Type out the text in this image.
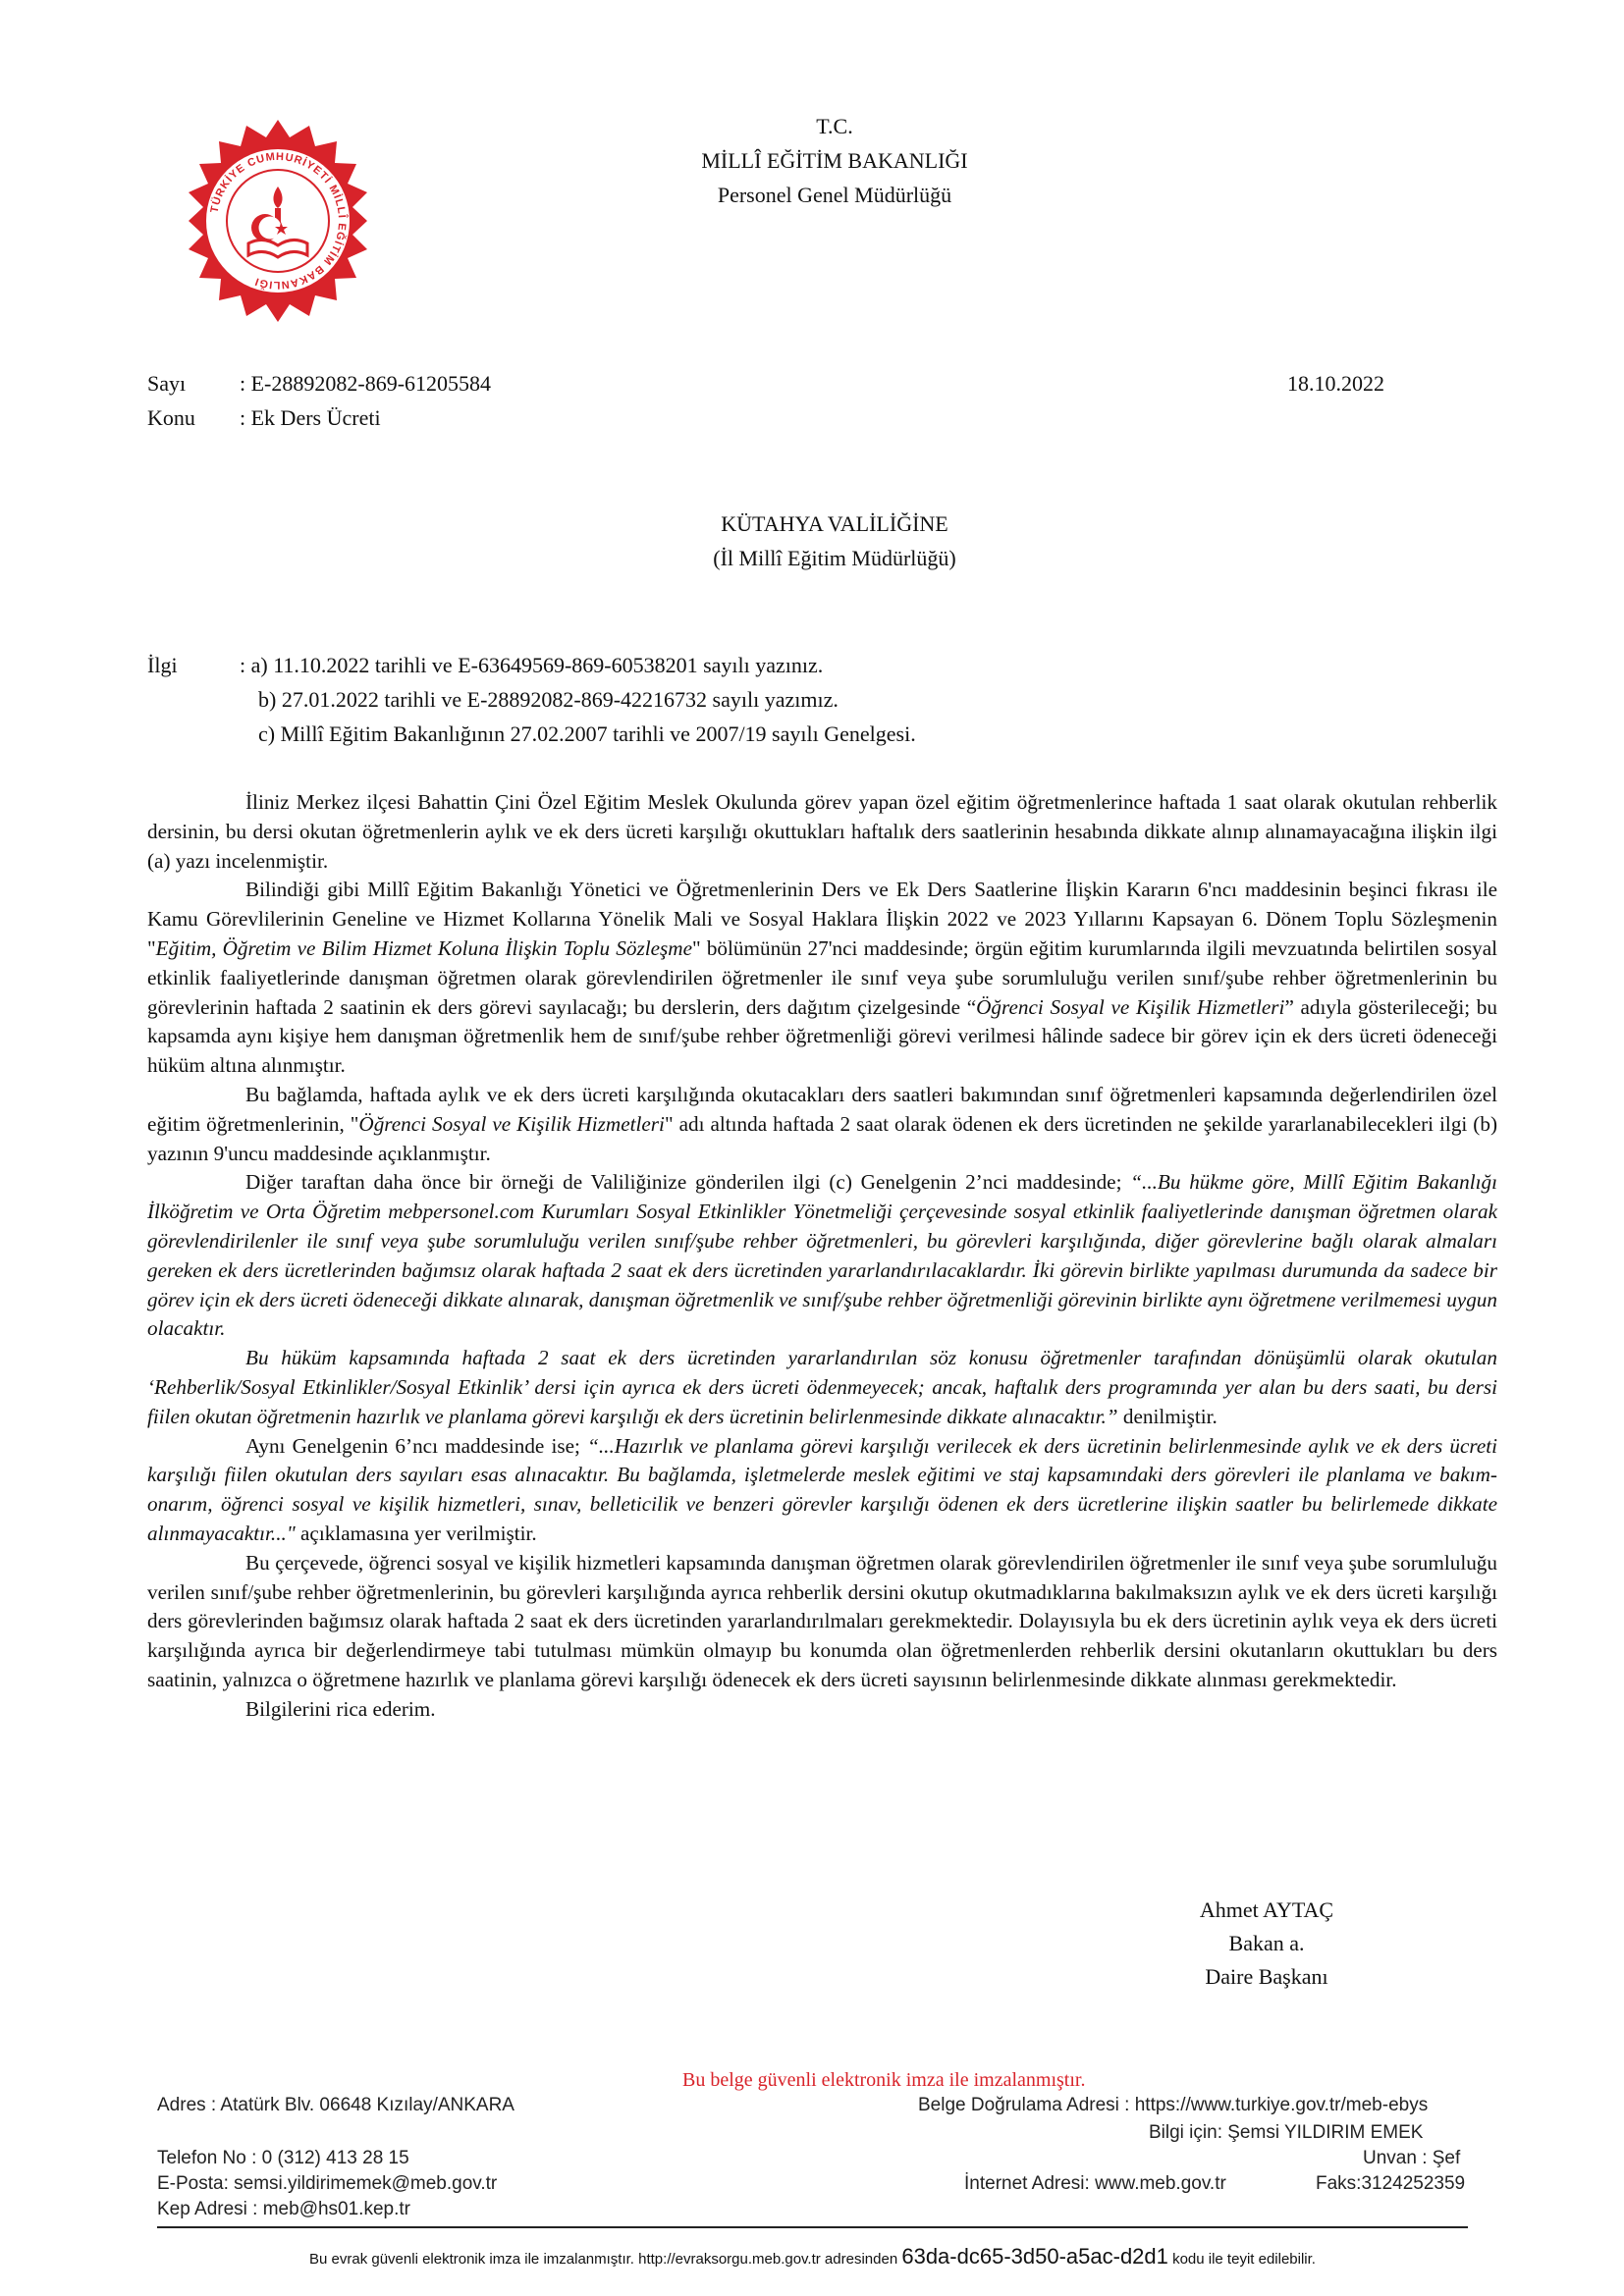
TÜRKİYE CUMHURİYETİ MİLLÎ EĞİTİM BAKANLIĞI
T.C.
MİLLÎ EĞİTİM BAKANLIĞI
Personel Genel Müdürlüğü
Sayı : E-28892082-869-61205584	18.10.2022
Konu : Ek Ders Ücreti
KÜTAHYA VALİLİĞİNE
(İl Millî Eğitim Müdürlüğü)
İlgi	: a) 11.10.2022 tarihli ve E-63649569-869-60538201 sayılı yazınız.
b) 27.01.2022 tarihli ve E-28892082-869-42216732 sayılı yazımız.
c) Millî Eğitim Bakanlığının 27.02.2007 tarihli ve 2007/19 sayılı Genelgesi.

İliniz Merkez ilçesi Bahattin Çini Özel Eğitim Meslek Okulunda görev yapan özel eğitim öğretmenlerince haftada 1 saat olarak okutulan rehberlik dersinin, bu dersi okutan öğretmenlerin aylık ve ek ders ücreti karşılığı okuttukları haftalık ders saatlerinin hesabında dikkate alınıp alınamayacağına ilişkin ilgi (a) yazı incelenmiştir.

Bilindiği gibi Millî Eğitim Bakanlığı Yönetici ve Öğretmenlerinin Ders ve Ek Ders Saatlerine İlişkin Kararın 6'ncı maddesinin beşinci fıkrası ile Kamu Görevlilerinin Geneline ve Hizmet Kollarına Yönelik Mali ve Sosyal Haklara İlişkin 2022 ve 2023 Yıllarını Kapsayan 6. Dönem Toplu Sözleşmenin "Eğitim, Öğretim ve Bilim Hizmet Koluna İlişkin Toplu Sözleşme" bölümünün 27'nci maddesinde; örgün eğitim kurumlarında ilgili mevzuatında belirtilen sosyal etkinlik faaliyetlerinde danışman öğretmen olarak görevlendirilen öğretmenler ile sınıf veya şube sorumluluğu verilen sınıf/şube rehber öğretmenlerinin bu görevlerinin haftada 2 saatinin ek ders görevi sayılacağı; bu derslerin, ders dağıtım çizelgesinde “Öğrenci Sosyal ve Kişilik Hizmetleri” adıyla gösterileceği; bu kapsamda aynı kişiye hem danışman öğretmenlik hem de sınıf/şube rehber öğretmenliği görevi verilmesi hâlinde sadece bir görev için ek ders ücreti ödeneceği hüküm altına alınmıştır.

Bu bağlamda, haftada aylık ve ek ders ücreti karşılığında okutacakları ders saatleri bakımından sınıf öğretmenleri kapsamında değerlendirilen özel eğitim öğretmenlerinin, "Öğrenci Sosyal ve Kişilik Hizmetleri" adı altında haftada 2 saat olarak ödenen ek ders ücretinden ne şekilde yararlanabilecekleri ilgi (b) yazının 9'uncu maddesinde açıklanmıştır.

Diğer taraftan daha önce bir örneği de Valiliğinize gönderilen ilgi (c) Genelgenin 2’nci maddesinde; “...Bu hükme göre, Millî Eğitim Bakanlığı İlköğretim ve Orta Öğretim mebpersonel.com Kurumları Sosyal Etkinlikler Yönetmeliği çerçevesinde sosyal etkinlik faaliyetlerinde danışman öğretmen olarak görevlendirilenler ile sınıf veya şube sorumluluğu verilen sınıf/şube rehber öğretmenleri, bu görevleri karşılığında, diğer görevlerine bağlı olarak almaları gereken ek ders ücretlerinden bağımsız olarak haftada 2 saat ek ders ücretinden yararlandırılacaklardır. İki görevin birlikte yapılması durumunda da sadece bir görev için ek ders ücreti ödeneceği dikkate alınarak, danışman öğretmenlik ve sınıf/şube rehber öğretmenliği görevinin birlikte aynı öğretmene verilmemesi uygun olacaktır.

Bu hüküm kapsamında haftada 2 saat ek ders ücretinden yararlandırılan söz konusu öğretmenler tarafından dönüşümlü olarak okutulan ‘Rehberlik/Sosyal Etkinlikler/Sosyal Etkinlik’ dersi için ayrıca ek ders ücreti ödenmeyecek; ancak, haftalık ders programında yer alan bu ders saati, bu dersi fiilen okutan öğretmenin hazırlık ve planlama görevi karşılığı ek ders ücretinin belirlenmesinde dikkate alınacaktır.” denilmiştir.

Aynı Genelgenin 6’ncı maddesinde ise; “...Hazırlık ve planlama görevi karşılığı verilecek ek ders ücretinin belirlenmesinde aylık ve ek ders ücreti karşılığı fiilen okutulan ders sayıları esas alınacaktır. Bu bağlamda, işletmelerde meslek eğitimi ve staj kapsamındaki ders görevleri ile planlama ve bakım-onarım, öğrenci sosyal ve kişilik hizmetleri, sınav, belleticilik ve benzeri görevler karşılığı ödenen ek ders ücretlerine ilişkin saatler bu belirlemede dikkate alınmayacaktır..." açıklamasına yer verilmiştir.

Bu çerçevede, öğrenci sosyal ve kişilik hizmetleri kapsamında danışman öğretmen olarak görevlendirilen öğretmenler ile sınıf veya şube sorumluluğu verilen sınıf/şube rehber öğretmenlerinin, bu görevleri karşılığında ayrıca rehberlik dersini okutup okutmadıklarına bakılmaksızın aylık ve ek ders ücreti karşılığı ders görevlerinden bağımsız olarak haftada 2 saat ek ders ücretinden yararlandırılmaları gerekmektedir. Dolayısıyla bu ek ders ücretinin aylık veya ek ders ücreti karşılığında ayrıca bir değerlendirmeye tabi tutulması mümkün olmayıp bu konumda olan öğretmenlerden rehberlik dersini okutanların okuttukları bu ders saatinin, yalnızca o öğretmene hazırlık ve planlama görevi karşılığı ödenecek ek ders ücreti sayısının belirlenmesinde dikkate alınması gerekmektedir.

Bilgilerini rica ederim.

Ahmet AYTAÇ
Bakan a.
Daire Başkanı
Bu belge güvenli elektronik imza ile imzalanmıştır.
Adres : Atatürk Blv. 06648 Kızılay/ANKARA	Belge Doğrulama Adresi : https://www.turkiye.gov.tr/meb-ebys
Bilgi için: Şemsi YILDIRIM EMEK
Telefon No : 0 (312) 413 28 15	Unvan : Şef
E-Posta: semsi.yildirimemek@meb.gov.tr	İnternet Adresi: www.meb.gov.tr	Faks:3124252359
Kep Adresi : meb@hs01.kep.tr
Bu evrak güvenli elektronik imza ile imzalanmıştır. http://evraksorgu.meb.gov.tr adresinden 63da-dc65-3d50-a5ac-d2d1 kodu ile teyit edilebilir.
